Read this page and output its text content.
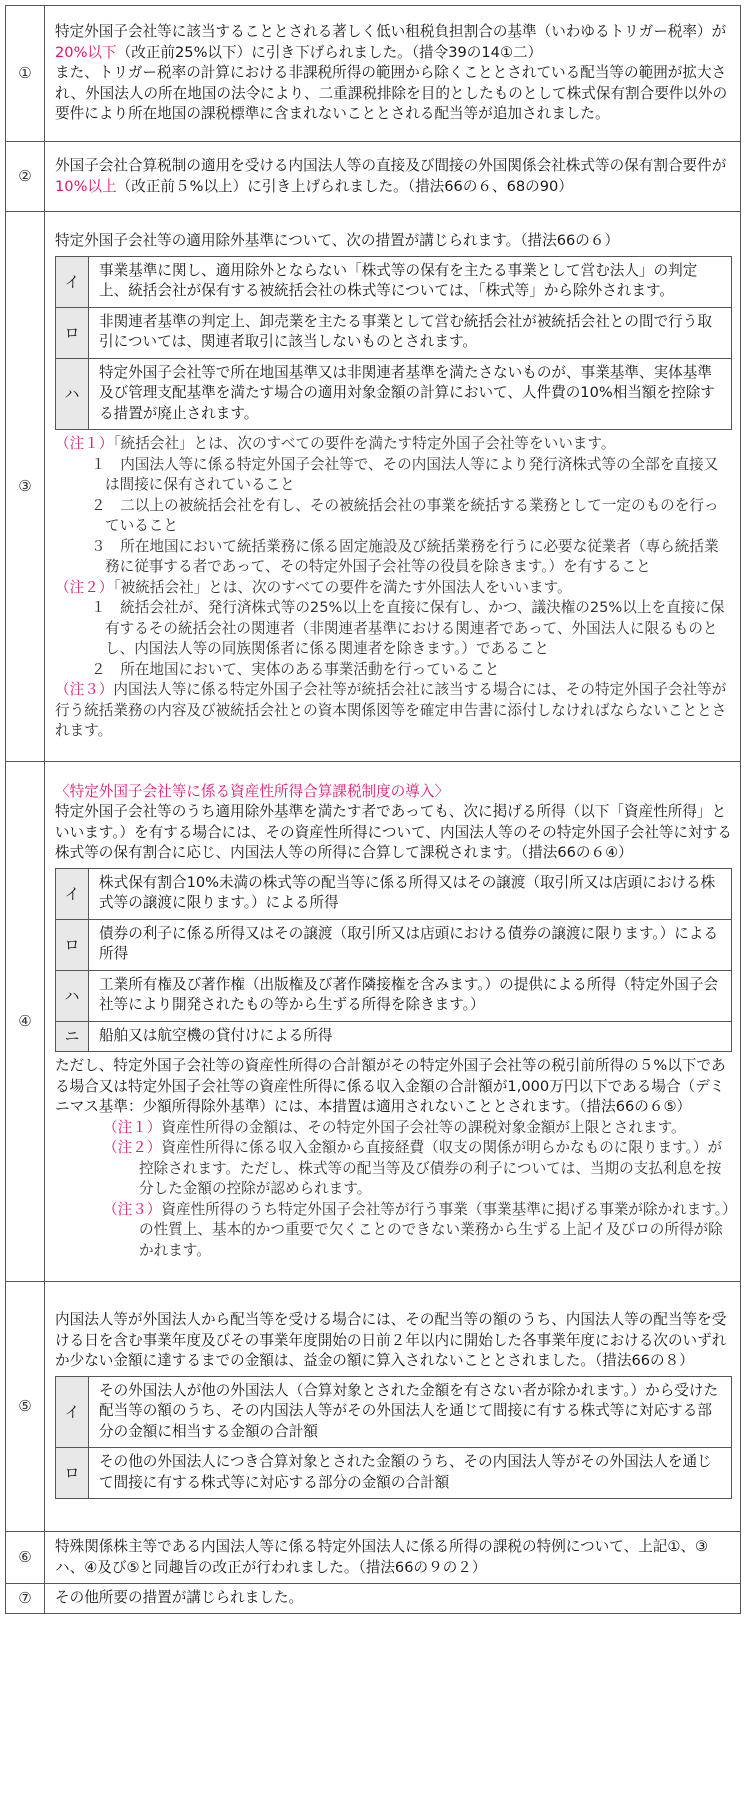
①	

特定外国子会社等に該当することとされる著しく低い租税負担割合の基準（いわゆるトリガー税率）が20%以下（改正前25%以下）に引き下げられました。（措令39の14①二）

また、トリガー税率の計算における非課税所得の範囲から除くこととされている配当等の範囲が拡大され、外国法人の所在地国の法令により、二重課税排除を目的としたものとして株式保有割合要件以外の要件により所在地国の課税標準に含まれないこととされる配当等が追加されました。

②	

外国子会社合算税制の適用を受ける内国法人等の直接及び間接の外国関係会社株式等の保有割合要件が10%以上（改正前５%以上）に引き上げられました。（措法66の６、68の90）

③	

特定外国子会社等の適用除外基準について、次の措置が講じられます。（措法66の６）

イ	事業基準に関し、適用除外とならない「株式等の保有を主たる事業として営む法人」の判定上、統括会社が保有する被統括会社の株式等については、「株式等」から除外されます。
ロ	非関連者基準の判定上、卸売業を主たる事業として営む統括会社が被統括会社との間で行う取引については、関連者取引に該当しないものとされます。
ハ	特定外国子会社等で所在地国基準又は非関連者基準を満たさないものが、事業基準、実体基準及び管理支配基準を満たす場合の適用対象金額の計算において、人件費の10%相当額を控除する措置が廃止されます。

（注１）「統括会社」とは、次のすべての要件を満たす特定外国子会社等をいいます。

１　内国法人等に係る特定外国子会社等で、その内国法人等により発行済株式等の全部を直接又は間接に保有されていること

２　二以上の被統括会社を有し、その被統括会社の事業を統括する業務として一定のものを行っていること

３　所在地国において統括業務に係る固定施設及び統括業務を行うに必要な従業者（専ら統括業務に従事する者であって、その特定外国子会社等の役員を除きます。）を有すること

（注２）「被統括会社」とは、次のすべての要件を満たす外国法人をいいます。

１　統括会社が、発行済株式等の25%以上を直接に保有し、かつ、議決権の25%以上を直接に保有するその統括会社の関連者（非関連者基準における関連者であって、外国法人に限るものとし、内国法人等の同族関係者に係る関連者を除きます。）であること

２　所在地国において、実体のある事業活動を行っていること

（注３）内国法人等に係る特定外国子会社等が統括会社に該当する場合には、その特定外国子会社等が行う統括業務の内容及び被統括会社との資本関係図等を確定申告書に添付しなければならないこととされます。

④	

〈特定外国子会社等に係る資産性所得合算課税制度の導入〉

特定外国子会社等のうち適用除外基準を満たす者であっても、次に掲げる所得（以下「資産性所得」といいます。）を有する場合には、その資産性所得について、内国法人等のその特定外国子会社等に対する株式等の保有割合に応じ、内国法人等の所得に合算して課税されます。（措法66の６④）

イ	株式保有割合10%未満の株式等の配当等に係る所得又はその譲渡（取引所又は店頭における株式等の譲渡に限ります。）による所得
ロ	債券の利子に係る所得又はその譲渡（取引所又は店頭における債券の譲渡に限ります。）による所得
ハ	工業所有権及び著作権（出版権及び著作隣接権を含みます。）の提供による所得（特定外国子会社等により開発されたもの等から生ずる所得を除きます。）
ニ	船舶又は航空機の貸付けによる所得

ただし、特定外国子会社等の資産性所得の合計額がその特定外国子会社等の税引前所得の５%以下である場合又は特定外国子会社等の資産性所得に係る収入金額の合計額が1,000万円以下である場合（デミニマス基準：少額所得除外基準）には、本措置は適用されないこととされます。（措法66の６⑤）

（注１）資産性所得の金額は、その特定外国子会社等の課税対象金額が上限とされます。

（注２）資産性所得に係る収入金額から直接経費（収支の関係が明らかなものに限ります。）が控除されます。ただし、株式等の配当等及び債券の利子については、当期の支払利息を按分した金額の控除が認められます。

（注３）資産性所得のうち特定外国子会社等が行う事業（事業基準に掲げる事業が除かれます。）の性質上、基本的かつ重要で欠くことのできない業務から生ずる上記イ及びロの所得が除かれます。

⑤	

内国法人等が外国法人から配当等を受ける場合には、その配当等の額のうち、内国法人等の配当等を受ける日を含む事業年度及びその事業年度開始の日前２年以内に開始した各事業年度における次のいずれか少ない金額に達するまでの金額は、益金の額に算入されないこととされました。（措法66の８）

イ	その外国法人が他の外国法人（合算対象とされた金額を有さない者が除かれます。）から受けた配当等の額のうち、その内国法人等がその外国法人を通じて間接に有する株式等に対応する部分の金額に相当する金額の合計額
ロ	その他の外国法人につき合算対象とされた金額のうち、その内国法人等がその外国法人を通じて間接に有する株式等に対応する部分の金額の合計額

⑥	

特殊関係株主等である内国法人等に係る特定外国法人に係る所得の課税の特例について、上記①、③ハ、④及び⑤と同趣旨の改正が行われました。（措法66の９の２）

⑦	その他所要の措置が講じられました。
